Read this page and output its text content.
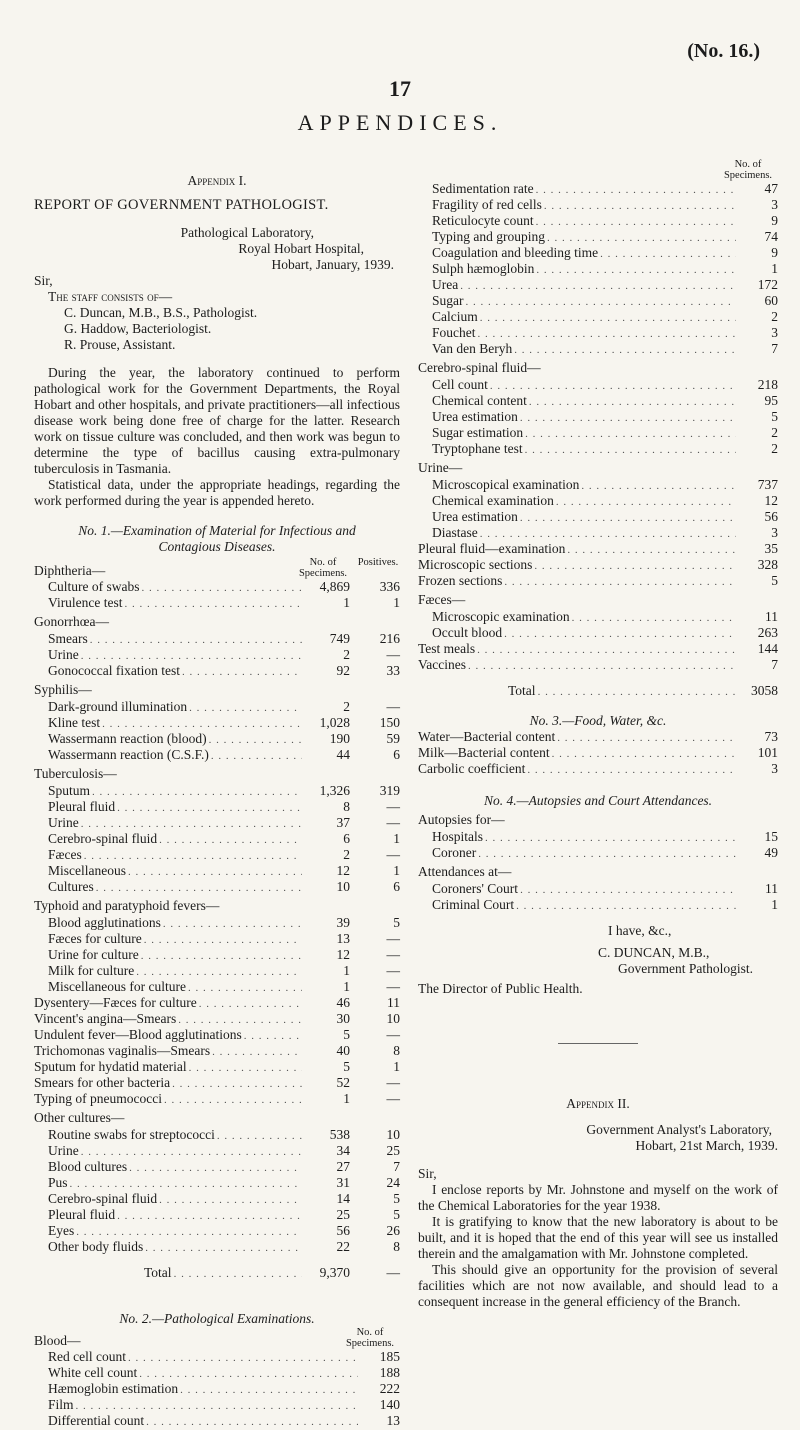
(No. 16.)
17
APPENDICES.
Appendix I.
REPORT OF GOVERNMENT PATHOLOGIST.
Pathological Laboratory,
Royal Hobart Hospital,
Hobart, January, 1939.
Sir,
The staff consists of—
C. Duncan, M.B., B.S., Pathologist.
G. Haddow, Bacteriologist.
R. Prouse, Assistant.

During the year, the laboratory continued to perform pathological work for the Government Departments, the Royal Hobart and other hospitals, and private practitioners—all infectious disease work being done free of charge for the latter. Research work on tissue culture was concluded, and then work was begun to determine the type of bacillus causing extra-pulmonary tuberculosis in Tasmania.

Statistical data, under the appropriate headings, regarding the work performed during the year is appended hereto.

No. 1.—Examination of Material for Infectious and Contagious Diseases.
Diphtheria—
No. of Specimens.
Positives.
Culture of swabs . . .	4,869	336
Virulence test . . .	1	1
Gonorrhœa—
Smears . . .	749	216
Urine . . .	2	—
Gonococcal fixation test . . .	92	33
Syphilis—
Dark-ground illumination . . .	2	—
Kline test . . .	1,028	150
Wassermann reaction (blood) . . .	190	59
Wassermann reaction (C.S.F.) . . .	44	6
Tuberculosis—
Sputum . . .	1,326	319
Pleural fluid . . .	8	—
Urine . . .	37	—
Cerebro-spinal fluid . . .	6	1
Fæces . . .	2	—
Miscellaneous . . .	12	1
Cultures . . .	10	6
Typhoid and paratyphoid fevers—
Blood agglutinations . . .	39	5
Fæces for culture . . .	13	—
Urine for culture . . .	12	—
Milk for culture . . .	1	—
Miscellaneous for culture . . .	1	—
Dysentery—Fæces for culture . . .	46	11
Vincent's angina—Smears . . .	30	10
Undulent fever—Blood agglutinations . . .	5	—
Trichomonas vaginalis—Smears . . .	40	8
Sputum for hydatid material . . .	5	1
Smears for other bacteria . . .	52	—
Typing of pneumococci . . .	1	—
Other cultures—
Routine swabs for streptococci . . .	538	10
Urine . . .	34	25
Blood cultures . . .	27	7
Pus . . .	31	24
Cerebro-spinal fluid . . .	14	5
Pleural fluid . . .	25	5
Eyes . . .	56	26
Other body fluids . . .	22	8
Total . . .	9,370	—
No. 2.—Pathological Examinations.
Blood—
No. of Specimens.
Red cell count . . .	185
White cell count . . .	188
Hæmoglobin estimation . . .	222
Film . . .	140
Differential count . . .	13
No. of Specimens.
Sedimentation rate . . .	47
Fragility of red cells . . .	3
Reticulocyte count . . .	9
Typing and grouping . . .	74
Coagulation and bleeding time . . .	9
Sulph hæmoglobin . . .	1
Urea . . .	172
Sugar . . .	60
Calcium . . .	2
Fouchet . . .	3
Van den Beryh . . .	7
Cerebro-spinal fluid—
Cell count . . .	218
Chemical content . . .	95
Urea estimation . . .	5
Sugar estimation . . .	2
Tryptophane test . . .	2
Urine—
Microscopical examination . . .	737
Chemical examination . . .	12
Urea estimation . . .	56
Diastase . . .	3
Pleural fluid—examination . . .	35
Microscopic sections . . .	328
Frozen sections . . .	5
Fæces—
Microscopic examination . . .	11
Occult blood . . .	263
Test meals . . .	144
Vaccines . . .	7
Total . . .	3058
No. 3.—Food, Water, &c.
Water—Bacterial content . . .	73
Milk—Bacterial content . . .	101
Carbolic coefficient . . .	3
No. 4.—Autopsies and Court Attendances.
Autopsies for—
Hospitals . . .	15
Coroner . . .	49
Attendances at—
Coroners' Court . . .	11
Criminal Court . . .	1
I have, &c.,
C. DUNCAN, M.B.,
Government Pathologist.
The Director of Public Health.
Appendix II.
Government Analyst's Laboratory,
Hobart, 21st March, 1939.
Sir,

I enclose reports by Mr. Johnstone and myself on the work of the Chemical Laboratories for the year 1938.

It is gratifying to know that the new laboratory is about to be built, and it is hoped that the end of this year will see us installed therein and the amalgamation with Mr. Johnstone completed.

This should give an opportunity for the provision of several facilities which are not now available, and should lead to a consequent increase in the general efficiency of the Branch.
